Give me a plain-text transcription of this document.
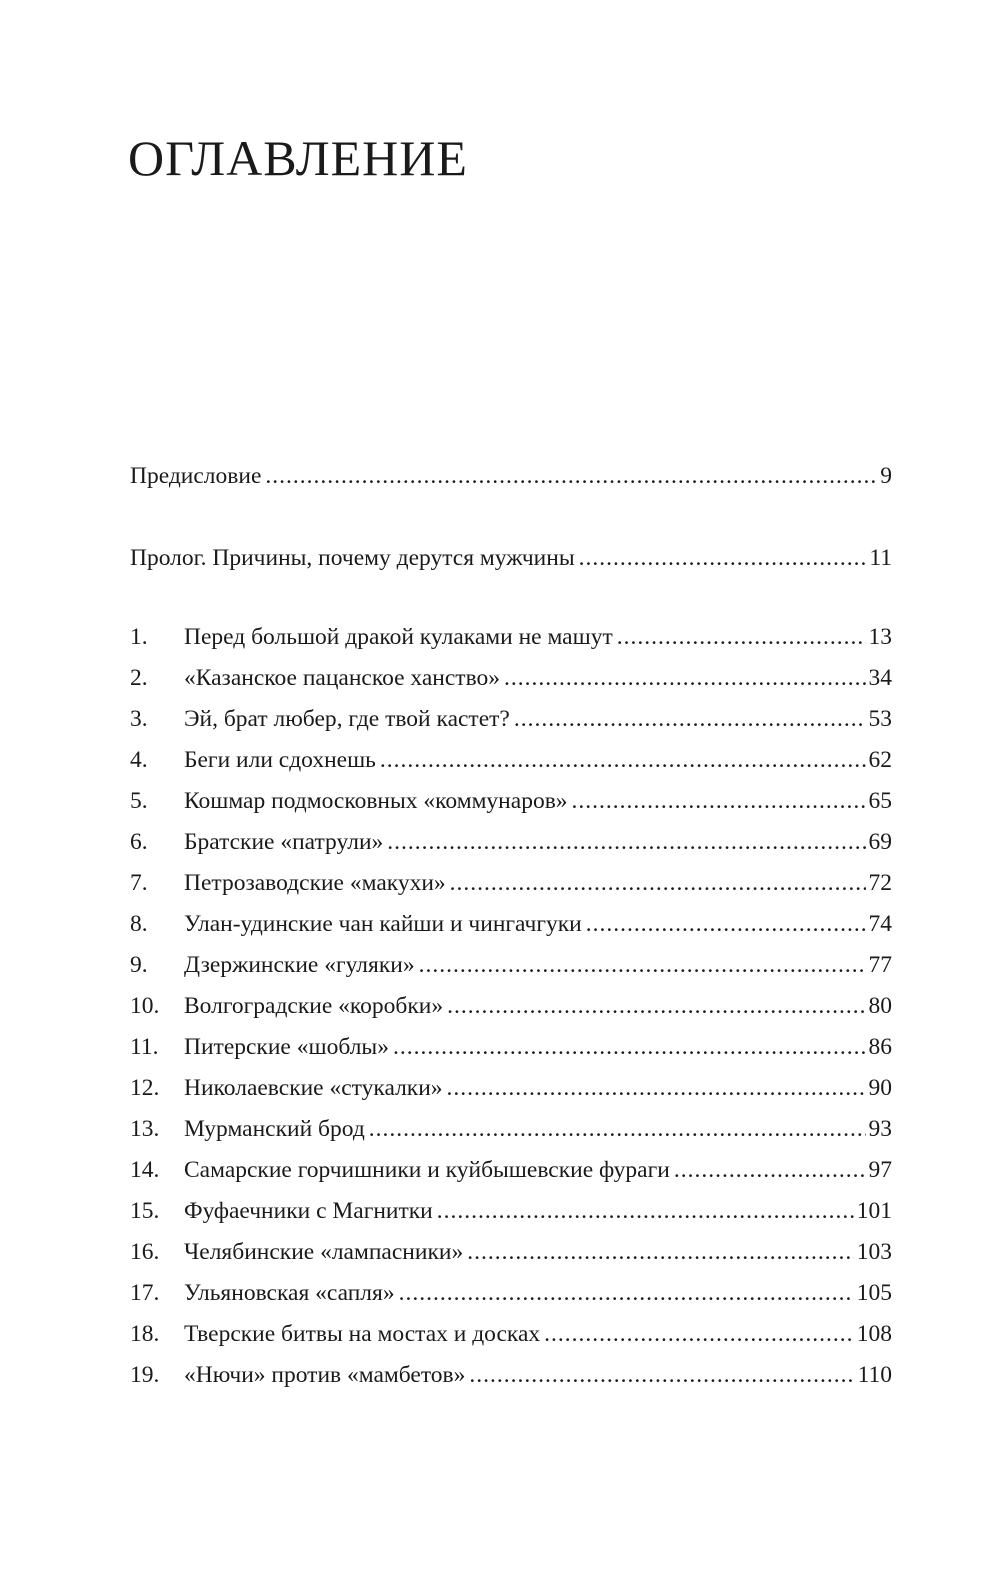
ОГЛАВЛЕНИЕ
Предисловие .....	9
Пролог. Причины, почему дерутся мужчины .....	11
1.	Перед большой дракой кулаками не машут .....	13
2.	«Казанское пацанское ханство» .....	34
3.	Эй, брат любер, где твой кастет? .....	53
4.	Беги или сдохнешь .....	62
5.	Кошмар подмосковных «коммунаров» .....	65
6.	Братские «патрули» .....	69
7.	Петрозаводские «макухи» .....	72
8.	Улан-удинские чан кайши и чингачгуки .....	74
9.	Дзержинские «гуляки» .....	77
10.	Волгоградские «коробки» .....	80
11.	Питерские «шоблы» .....	86
12.	Николаевские «стукалки» .....	90
13.	Мурманский брод .....	93
14.	Самарские горчишники и куйбышевские фураги .....	97
15.	Фуфаечники с Магнитки .....	101
16.	Челябинские «лампасники» .....	103
17.	Ульяновская «сапля» .....	105
18.	Тверские битвы на мостах и досках .....	108
19.	«Нючи» против «мамбетов» .....	110
